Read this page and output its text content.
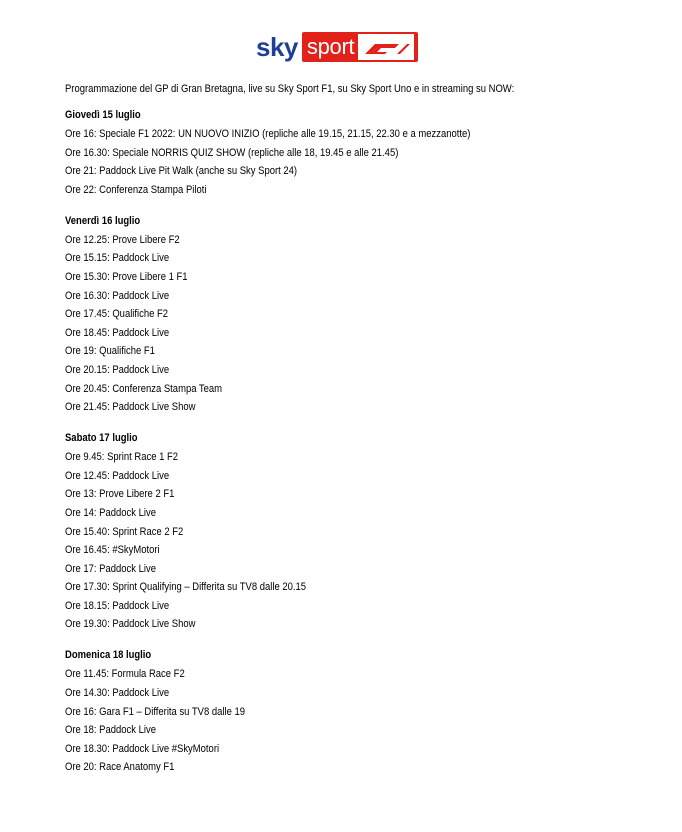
sky sport

Programmazione del GP di Gran Bretagna, live su Sky Sport F1, su Sky Sport Uno e in streaming su NOW:

Giovedì 15 luglio
Ore 16: Speciale F1 2022: UN NUOVO INIZIO (repliche alle 19.15, 21.15, 22.30 e a mezzanotte)
Ore 16.30: Speciale NORRIS QUIZ SHOW (repliche alle 18, 19.45 e alle 21.45)
Ore 21: Paddock Live Pit Walk (anche su Sky Sport 24)
Ore 22: Conferenza Stampa Piloti
Venerdì 16 luglio
Ore 12.25: Prove Libere F2
Ore 15.15: Paddock Live
Ore 15.30: Prove Libere 1 F1
Ore 16.30: Paddock Live
Ore 17.45: Qualifiche F2
Ore 18.45: Paddock Live
Ore 19: Qualifiche F1
Ore 20.15: Paddock Live
Ore 20.45: Conferenza Stampa Team
Ore 21.45: Paddock Live Show
Sabato 17 luglio
Ore 9.45: Sprint Race 1 F2
Ore 12.45: Paddock Live
Ore 13: Prove Libere 2 F1
Ore 14: Paddock Live
Ore 15.40: Sprint Race 2 F2
Ore 16.45: #SkyMotori
Ore 17: Paddock Live
Ore 17.30: Sprint Qualifying – Differita su TV8 dalle 20.15
Ore 18.15: Paddock Live
Ore 19.30: Paddock Live Show
Domenica 18 luglio
Ore 11.45: Formula Race F2
Ore 14.30: Paddock Live
Ore 16: Gara F1 – Differita su TV8 dalle 19
Ore 18: Paddock Live
Ore 18.30: Paddock Live #SkyMotori
Ore 20: Race Anatomy F1
